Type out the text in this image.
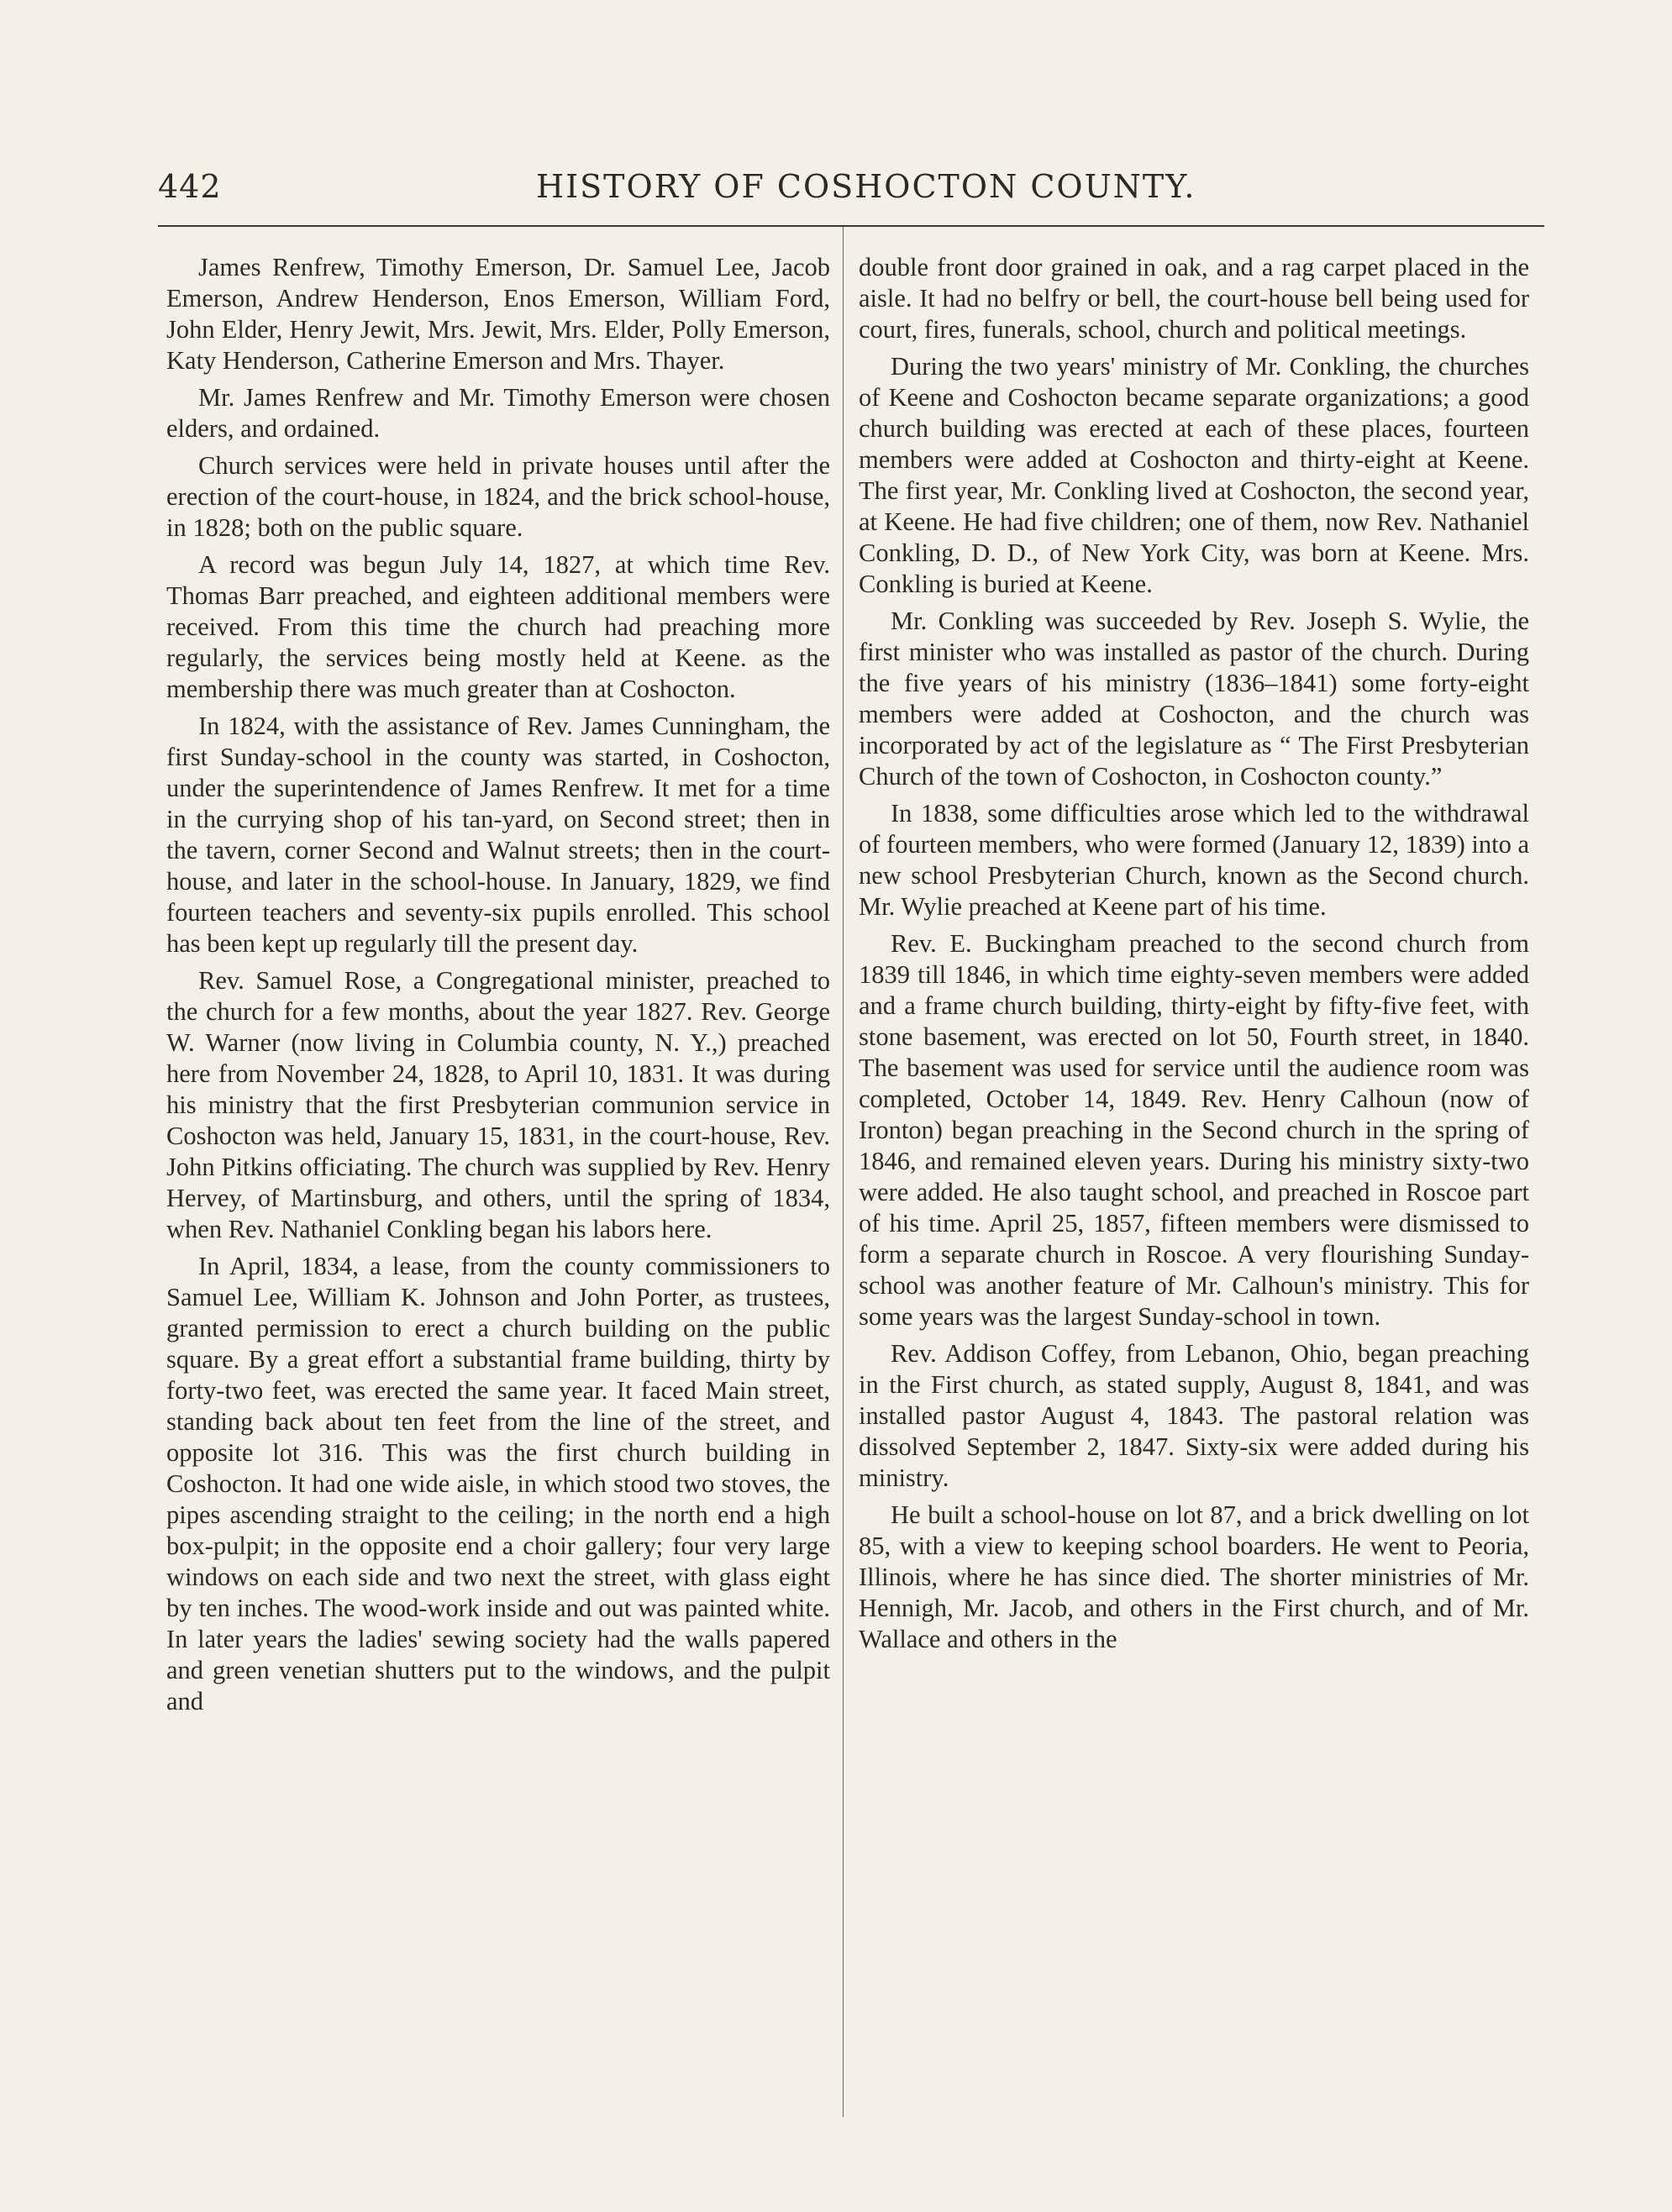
442	HISTORY OF COSHOCTON COUNTY.

James Renfrew, Timothy Emerson, Dr. Samuel Lee, Jacob Emerson, Andrew Henderson, Enos Emerson, William Ford, John Elder, Henry Jewit, Mrs. Jewit, Mrs. Elder, Polly Emerson, Katy Henderson, Catherine Emerson and Mrs. Thayer.

Mr. James Renfrew and Mr. Timothy Emerson were chosen elders, and ordained.

Church services were held in private houses until after the erection of the court-house, in 1824, and the brick school-house, in 1828; both on the public square.

A record was begun July 14, 1827, at which time Rev. Thomas Barr preached, and eighteen additional members were received. From this time the church had preaching more regularly, the services being mostly held at Keene. as the membership there was much greater than at Coshocton.

In 1824, with the assistance of Rev. James Cunningham, the first Sunday-school in the county was started, in Coshocton, under the superintendence of James Renfrew. It met for a time in the currying shop of his tan-yard, on Second street; then in the tavern, corner Second and Walnut streets; then in the court-house, and later in the school-house. In January, 1829, we find fourteen teachers and seventy-six pupils enrolled. This school has been kept up regularly till the present day.

Rev. Samuel Rose, a Congregational minister, preached to the church for a few months, about the year 1827. Rev. George W. Warner (now living in Columbia county, N. Y.,) preached here from November 24, 1828, to April 10, 1831. It was during his ministry that the first Presbyterian communion service in Coshocton was held, January 15, 1831, in the court-house, Rev. John Pitkins officiating. The church was supplied by Rev. Henry Hervey, of Martinsburg, and others, until the spring of 1834, when Rev. Nathaniel Conkling began his labors here.

In April, 1834, a lease, from the county commissioners to Samuel Lee, William K. Johnson and John Porter, as trustees, granted permission to erect a church building on the public square. By a great effort a substantial frame building, thirty by forty-two feet, was erected the same year. It faced Main street, standing back about ten feet from the line of the street, and opposite lot 316. This was the first church building in Coshocton. It had one wide aisle, in which stood two stoves, the pipes ascending straight to the ceiling; in the north end a high box-pulpit; in the opposite end a choir gallery; four very large windows on each side and two next the street, with glass eight by ten inches. The wood-work inside and out was painted white. In later years the ladies' sewing society had the walls papered and green venetian shutters put to the windows, and the pulpit and

double front door grained in oak, and a rag carpet placed in the aisle. It had no belfry or bell, the court-house bell being used for court, fires, funerals, school, church and political meetings.

During the two years' ministry of Mr. Conkling, the churches of Keene and Coshocton became separate organizations; a good church building was erected at each of these places, fourteen members were added at Coshocton and thirty-eight at Keene. The first year, Mr. Conkling lived at Coshocton, the second year, at Keene. He had five children; one of them, now Rev. Nathaniel Conkling, D. D., of New York City, was born at Keene. Mrs. Conkling is buried at Keene.

Mr. Conkling was succeeded by Rev. Joseph S. Wylie, the first minister who was installed as pastor of the church. During the five years of his ministry (1836–1841) some forty-eight members were added at Coshocton, and the church was incorporated by act of the legislature as “ The First Presbyterian Church of the town of Coshocton, in Coshocton county.”

In 1838, some difficulties arose which led to the withdrawal of fourteen members, who were formed (January 12, 1839) into a new school Presbyterian Church, known as the Second church. Mr. Wylie preached at Keene part of his time.

Rev. E. Buckingham preached to the second church from 1839 till 1846, in which time eighty-seven members were added and a frame church building, thirty-eight by fifty-five feet, with stone basement, was erected on lot 50, Fourth street, in 1840. The basement was used for service until the audience room was completed, October 14, 1849. Rev. Henry Calhoun (now of Ironton) began preaching in the Second church in the spring of 1846, and remained eleven years. During his ministry sixty-two were added. He also taught school, and preached in Roscoe part of his time. April 25, 1857, fifteen members were dismissed to form a separate church in Roscoe. A very flourishing Sunday-school was another feature of Mr. Calhoun's ministry. This for some years was the largest Sunday-school in town.

Rev. Addison Coffey, from Lebanon, Ohio, began preaching in the First church, as stated supply, August 8, 1841, and was installed pastor August 4, 1843. The pastoral relation was dissolved September 2, 1847. Sixty-six were added during his ministry.

He built a school-house on lot 87, and a brick dwelling on lot 85, with a view to keeping school boarders. He went to Peoria, Illinois, where he has since died. The shorter ministries of Mr. Hennigh, Mr. Jacob, and others in the First church, and of Mr. Wallace and others in the
